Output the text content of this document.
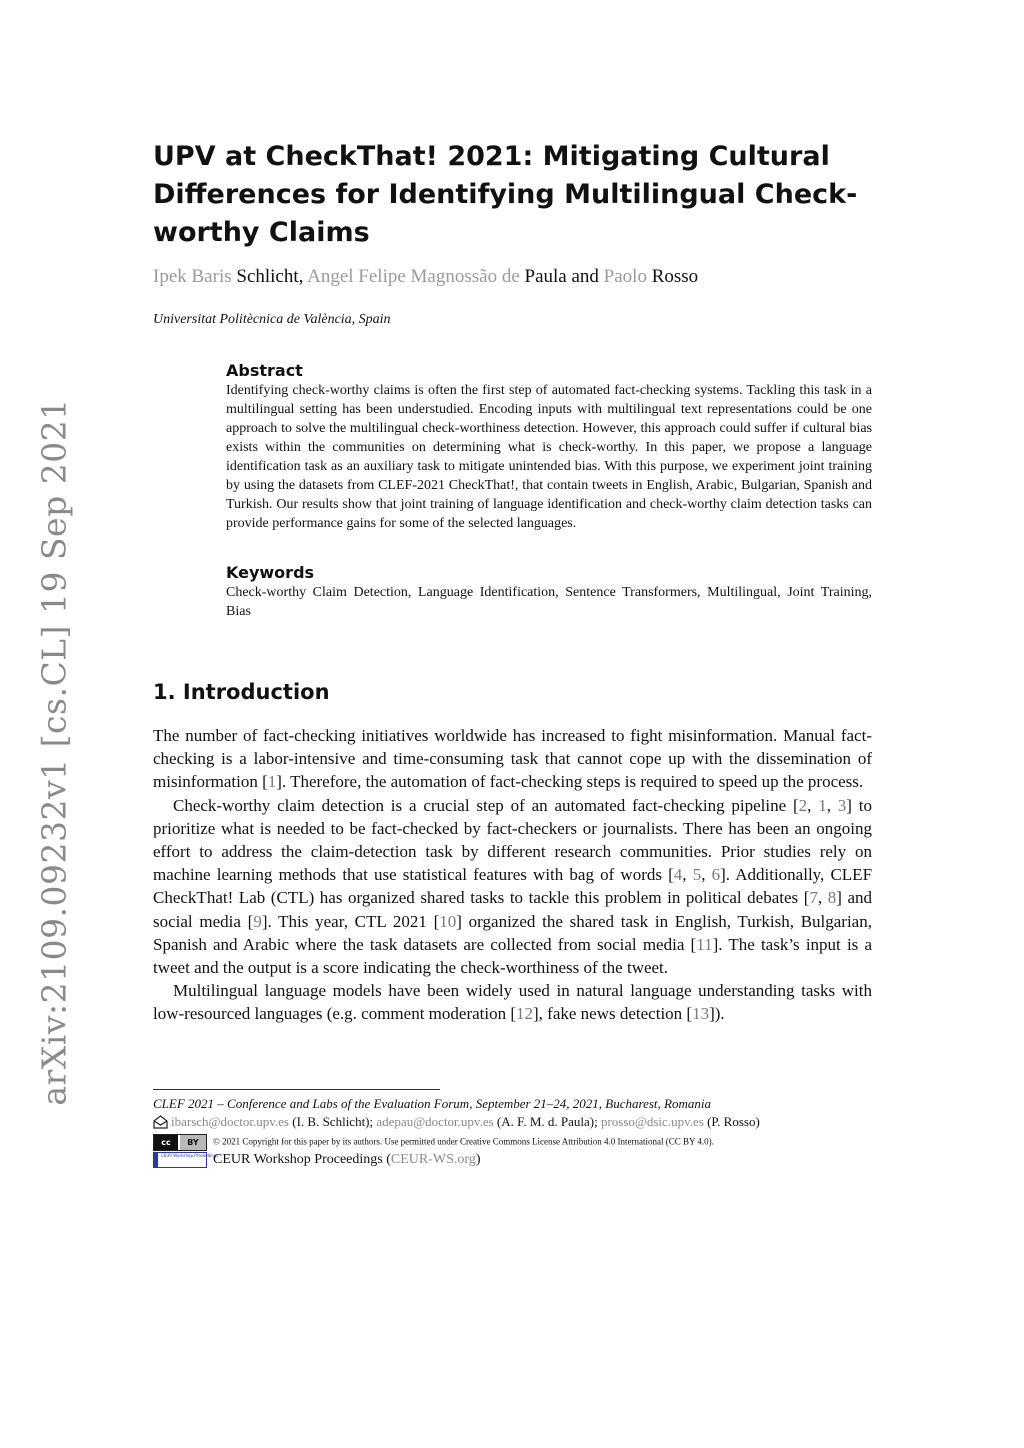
arXiv:2109.09232v1 [cs.CL] 19 Sep 2021
UPV at CheckThat! 2021: Mitigating Cultural Differences for Identifying Multilingual Check-worthy Claims
Ipek Baris Schlicht, Angel Felipe Magnossão de Paula and Paolo Rosso
Universitat Politècnica de València, Spain
Abstract

Identifying check-worthy claims is often the first step of automated fact-checking systems. Tackling this task in a multilingual setting has been understudied. Encoding inputs with multilingual text representations could be one approach to solve the multilingual check-worthiness detection. However, this approach could suffer if cultural bias exists within the communities on determining what is check-worthy. In this paper, we propose a language identification task as an auxiliary task to mitigate unintended bias. With this purpose, we experiment joint training by using the datasets from CLEF-2021 CheckThat!, that contain tweets in English, Arabic, Bulgarian, Spanish and Turkish. Our results show that joint training of language identification and check-worthy claim detection tasks can provide performance gains for some of the selected languages.

Keywords

Check-worthy Claim Detection, Language Identification, Sentence Transformers, Multilingual, Joint Training, Bias

1. Introduction

The number of fact-checking initiatives worldwide has increased to fight misinformation. Manual fact-checking is a labor-intensive and time-consuming task that cannot cope up with the dissemination of misinformation [1]. Therefore, the automation of fact-checking steps is required to speed up the process.

Check-worthy claim detection is a crucial step of an automated fact-checking pipeline [2, 1, 3] to prioritize what is needed to be fact-checked by fact-checkers or journalists. There has been an ongoing effort to address the claim-detection task by different research communities. Prior studies rely on machine learning methods that use statistical features with bag of words [4, 5, 6]. Additionally, CLEF CheckThat! Lab (CTL) has organized shared tasks to tackle this problem in political debates [7, 8] and social media [9]. This year, CTL 2021 [10] organized the shared task in English, Turkish, Bulgarian, Spanish and Arabic where the task datasets are collected from social media [11]. The task’s input is a tweet and the output is a score indicating the check-worthiness of the tweet.

Multilingual language models have been widely used in natural language understanding tasks with low-resourced languages (e.g. comment moderation [12], fake news detection [13]).

CLEF 2021 – Conference and Labs of the Evaluation Forum, September 21–24, 2021, Bucharest, Romania
ibarsch@doctor.upv.es (I. B. Schlicht); adepau@doctor.upv.es (A. F. M. d. Paula); prosso@dsic.upv.es (P. Rosso)
cc	BY	© 2021 Copyright for this paper by its authors. Use permitted under Creative Commons License Attribution 4.0 International (CC BY 4.0).
CEUR Workshop Proceedings
CEUR Workshop Proceedings (CEUR-WS.org)
